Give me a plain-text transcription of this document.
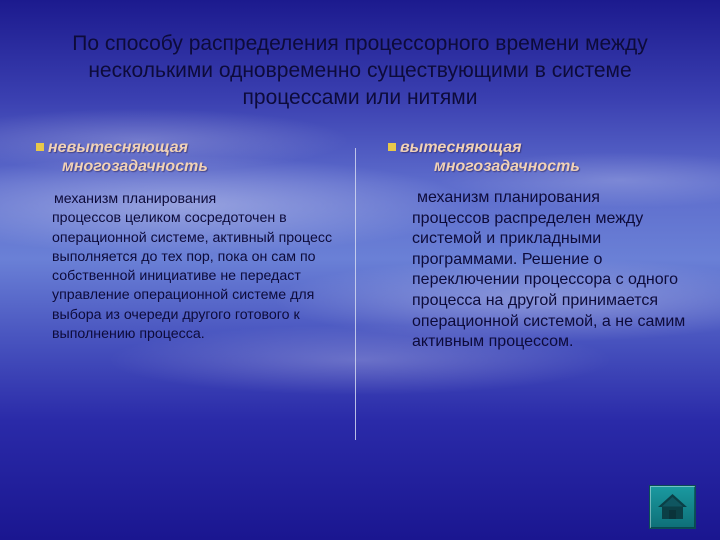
По способу распределения процессорного времени между несколькими одновременно существующими в системе процессами или нитями
невытесняющая
многозадачность
механизм планирования
процессов целиком сосредоточен в операционной системе, активный процесс выполняется до тех пор, пока он сам по собственной инициативе не передаст управление операционной системе для выбора из очереди другого готового к выполнению процесса.
вытесняющая
многозадачность
механизм планирования
процессов распределен между системой и прикладными программами. Решение о переключении процессора с одного процесса на другой принимается операционной системой, а не самим активным процессом.
